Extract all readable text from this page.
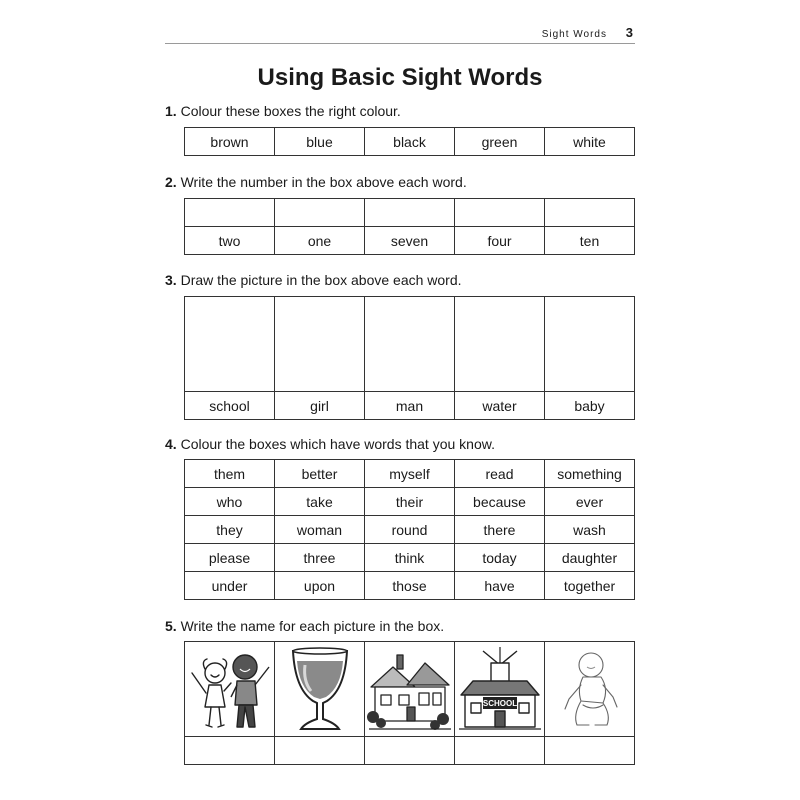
Sight Words 3
Using Basic Sight Words
1. Colour these boxes the right colour.
brown	blue	black	green	white
2. Write the number in the box above each word.

two	one	seven	four	ten
3. Draw the picture in the box above each word.

school	girl	man	water	baby
4. Colour the boxes which have words that you know.
them	better	myself	read	something
who	take	their	because	ever
they	woman	round	there	wash
please	three	think	today	daughter
under	upon	those	have	together
5. Write the name for each picture in the box.

SCHOOL
